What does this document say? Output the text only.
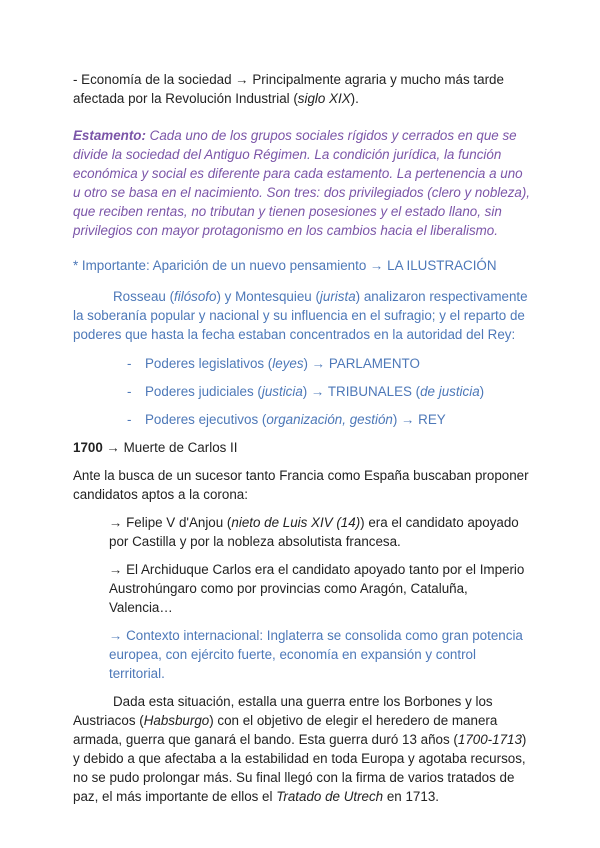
- Economía de la sociedad → Principalmente agraria y mucho más tarde afectada por la Revolución Industrial (siglo XIX).

Estamento: Cada uno de los grupos sociales rígidos y cerrados en que se divide la sociedad del Antiguo Régimen. La condición jurídica, la función económica y social es diferente para cada estamento. La pertenencia a uno u otro se basa en el nacimiento. Son tres: dos privilegiados (clero y nobleza), que reciben rentas, no tributan y tienen posesiones y el estado llano, sin privilegios con mayor protagonismo en los cambios hacia el liberalismo.

* Importante: Aparición de un nuevo pensamiento → LA ILUSTRACIÓN

Rosseau (filósofo) y Montesquieu (jurista) analizaron respectivamente la soberanía popular y nacional y su influencia en el sufragio; y el reparto de poderes que hasta la fecha estaban concentrados en la autoridad del Rey:

- Poderes legislativos (leyes) → PARLAMENTO
- Poderes judiciales (justicia) → TRIBUNALES (de justicia)
- Poderes ejecutivos (organización, gestión) → REY

1700 → Muerte de Carlos II

Ante la busca de un sucesor tanto Francia como España buscaban proponer candidatos aptos a la corona:

→ Felipe V d'Anjou (nieto de Luis XIV (14)) era el candidato apoyado por Castilla y por la nobleza absolutista francesa.

→ El Archiduque Carlos era el candidato apoyado tanto por el Imperio Austrohúngaro como por provincias como Aragón, Cataluña, Valencia…

→ Contexto internacional: Inglaterra se consolida como gran potencia europea, con ejército fuerte, economía en expansión y control territorial.

Dada esta situación, estalla una guerra entre los Borbones y los Austriacos (Habsburgo) con el objetivo de elegir el heredero de manera armada, guerra que ganará el bando. Esta guerra duró 13 años (1700-1713) y debido a que afectaba a la estabilidad en toda Europa y agotaba recursos, no se pudo prolongar más. Su final llegó con la firma de varios tratados de paz, el más importante de ellos el Tratado de Utrech en 1713.
